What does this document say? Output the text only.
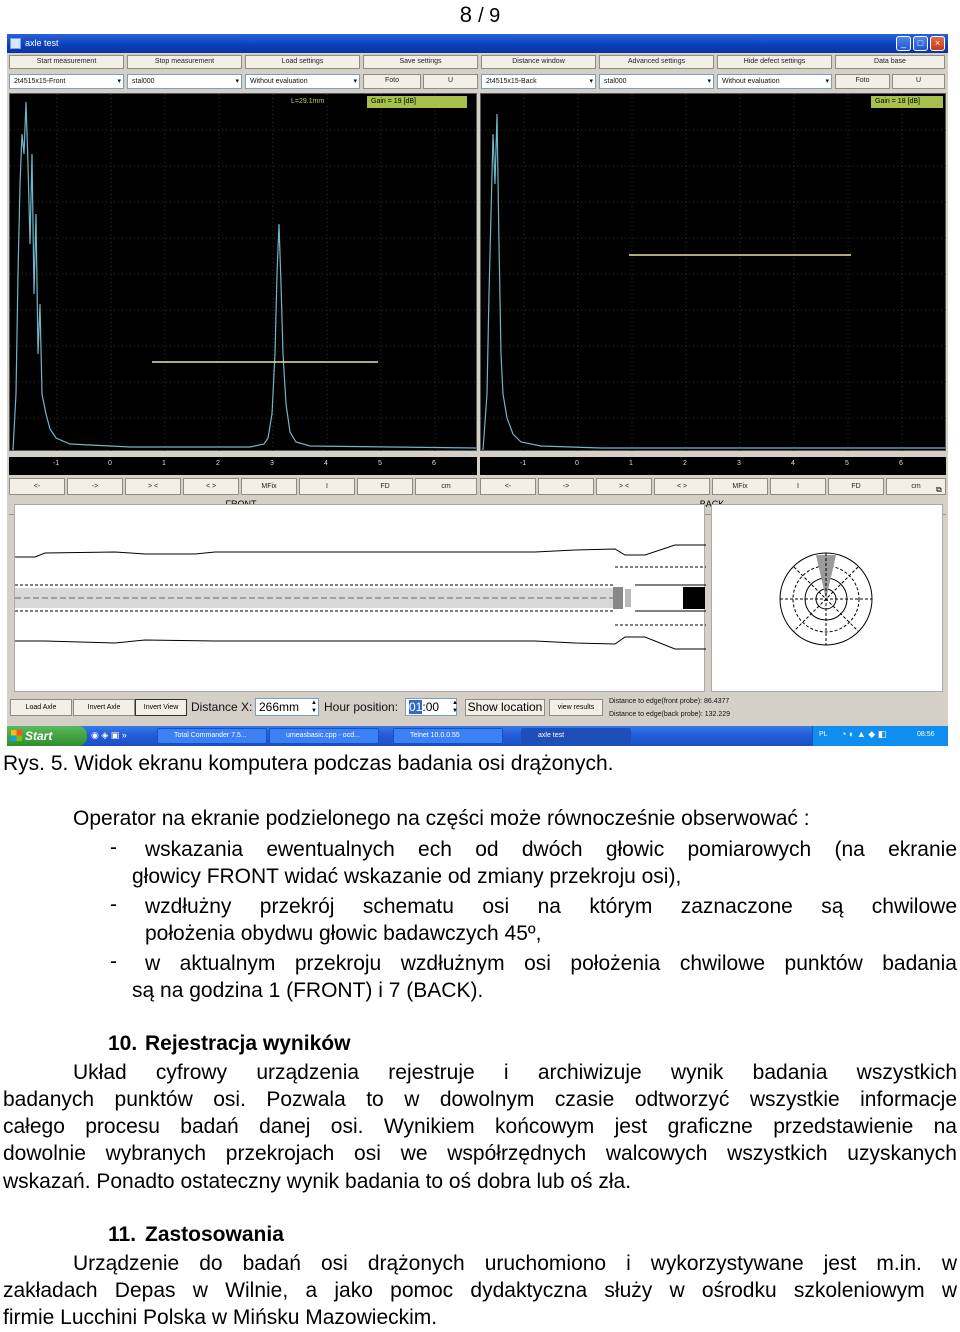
8 / 9
axle test	_	□	×
Start measurement	Stop measurement	Load settings	Save settings	Distance window	Advanced settings	Hide defect settings	Data base
2t4515x15-Front ▾	stal000 ▾	Without evaluation ▾	Foto	U	2t4515x15-Back ▾	stal000 ▾	Without evaluation ▾	Foto	U
Gain = 19 [dB]
L=29.1mm	Gain = 18 [dB]
-1	0	1	2	3	4	5	6	-1	0	1	2	3	4	5	6
<-	->	> <	< >	MFix	I	FD	cm	<-	->	> <	< >	MFix	I	FD	cm	⧉
Load Axle	Invert Axle	Invert View	Distance X: 266mm	▲
▼ Hour position: 01:00	▲
▼ Show location	view results
Distance to edge(front probe): 86.4377
Distance to edge(back probe): 132.229
Start	◉ ◈ ▣ »	Total Commander 7.5...	umeasbasic.cpp - ocd...	Telnet 10.0.0.55	axle test	PL ◔ ◐ ▲ ◆ ◧	08:56
Rys. 5. Widok ekranu komputera podczas badania osi drążonych.
Operator na ekranie podzielonego na części może równocześnie obserwować :
- wskazania ewentualnych ech od dwóch głowic pomiarowych (na ekranie
głowicy FRONT widać wskazanie od zmiany przekroju osi),
- wzdłużny przekrój schematu osi na którym zaznaczone są chwilowe
położenia obydwu głowic badawczych 45º,
- w aktualnym przekroju wzdłużnym osi położenia chwilowe punktów badania
są na godzina 1 (FRONT) i 7 (BACK).
10. Rejestracja wyników
Układ cyfrowy urządzenia rejestruje i archiwizuje wynik badania wszystkich
badanych punktów osi. Pozwala to w dowolnym czasie odtworzyć wszystkie informacje
całego procesu badań danej osi. Wynikiem końcowym jest graficzne przedstawienie na
dowolnie wybranych przekrojach osi we współrzędnych walcowych wszystkich uzyskanych
wskazań. Ponadto ostateczny wynik badania to oś dobra lub oś zła.
11. Zastosowania
Urządzenie do badań osi drążonych uruchomiono i wykorzystywane jest m.in. w
zakładach Depas w Wilnie, a jako pomoc dydaktyczna służy w ośrodku szkoleniowym w
firmie Lucchini Polska w Mińsku Mazowieckim.
